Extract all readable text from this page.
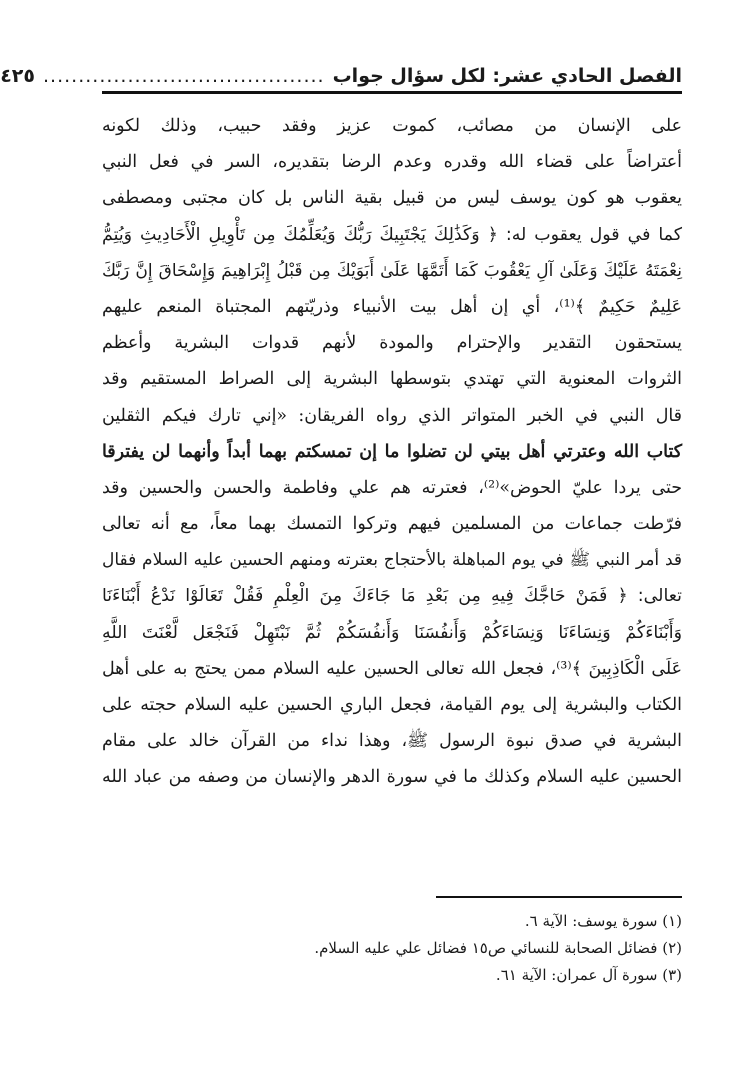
الفصل الحادي عشر: لكل سؤال جواب
........................................
٤٢٥
على الإنسان من مصائب، كموت عزيز وفقد حبيب، وذلك لكونه
أعتراضاً على قضاء الله وقدره وعدم الرضا بتقديره، السر في فعل النبي
يعقوب هو كون يوسف ليس من قبيل بقية الناس بل كان مجتبى ومصطفى
كما في قول يعقوب له: ﴿ وَكَذَٰلِكَ يَجْتَبِيكَ رَبُّكَ وَيُعَلِّمُكَ مِن تَأْوِيلِ الْأَحَادِيثِ وَيُتِمُّ
نِعْمَتَهُ عَلَيْكَ وَعَلَىٰ آلِ يَعْقُوبَ كَمَا أَتَمَّهَا عَلَىٰ أَبَوَيْكَ مِن قَبْلُ إِبْرَاهِيمَ وَإِسْحَاقَ إِنَّ رَبَّكَ
عَلِيمٌ حَكِيمٌ ﴾⁽¹⁾، أي إن أهل بيت الأنبياء وذريّتهم المجتباة المنعم عليهم
يستحقون التقدير والإحترام والمودة لأنهم قدوات البشرية وأعظم
الثروات المعنوية التي تهتدي بتوسطها البشرية إلى الصراط المستقيم وقد
قال النبي في الخبر المتواتر الذي رواه الفريقان: «إني تارك فيكم الثقلين
كتاب الله وعترتي أهل بيتي لن تضلوا ما إن تمسكتم بهما أبداً وأنهما لن يفترقا
حتى يردا عليّ الحوض»⁽²⁾، فعترته هم علي وفاطمة والحسن والحسين وقد
فرّطت جماعات من المسلمين فيهم وتركوا التمسك بهما معاً، مع أنه تعالى
قد أمر النبي ﷺ في يوم المباهلة بالأحتجاج بعترته ومنهم الحسين عليه السلام فقال
تعالى: ﴿ فَمَنْ حَاجَّكَ فِيهِ مِن بَعْدِ مَا جَاءَكَ مِنَ الْعِلْمِ فَقُلْ تَعَالَوْا نَدْعُ أَبْنَاءَنَا
وَأَبْنَاءَكُمْ وَنِسَاءَنَا وَنِسَاءَكُمْ وَأَنفُسَنَا وَأَنفُسَكُمْ ثُمَّ نَبْتَهِلْ فَنَجْعَل لَّعْنَتَ اللَّهِ
عَلَى الْكَاذِبِينَ ﴾⁽³⁾، فجعل الله تعالى الحسين عليه السلام ممن يحتج به على أهل
الكتاب والبشرية إلى يوم القيامة، فجعل الباري الحسين عليه السلام حجته على
البشرية في صدق نبوة الرسول ﷺ، وهذا نداء من القرآن خالد على مقام
الحسين عليه السلام وكذلك ما في سورة الدهر والإنسان من وصفه من عباد الله
(١) سورة يوسف: الآية ٦.
(٢) فضائل الصحابة للنسائي ص١٥ فضائل علي عليه السلام.
(٣) سورة آل عمران: الآية ٦١.
